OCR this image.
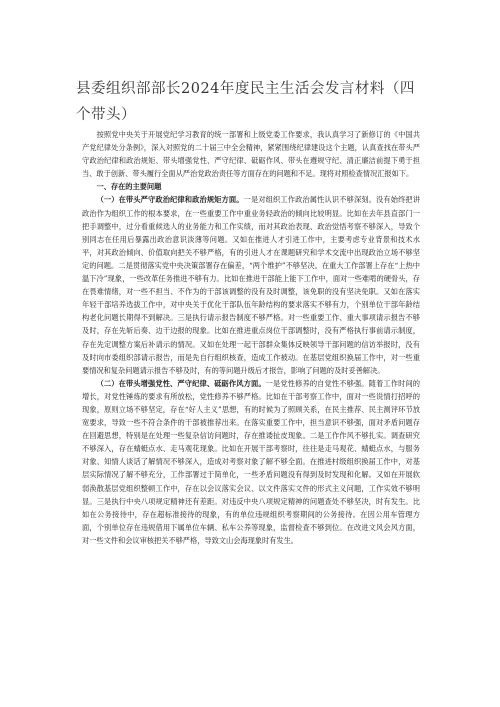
县委组织部部长2024年度民主生活会发言材料（四个带头）

按照党中央关于开展党纪学习教育的统一部署和上级党委工作要求，我认真学习了新修订的《中国共产党纪律处分条例》，深入对照党的二十届三中全会精神，紧紧围绕纪律建设这个主题，认真查找在带头严守政治纪律和政治规矩、带头增强党性、严守纪律、砥砺作风、带头在遵规守纪、清正廉洁前提下勇于担当、敢于创新、带头履行全面从严治党政治责任等方面存在的问题和不足。现将对照检查情况汇报如下。

一、存在的主要问题

（一）在带头严守政治纪律和政治规矩方面。一是对组织工作政治属性认识不够深刻。没有始终把讲政治作为组织工作的根本要求，在一些重要工作中重业务轻政治的倾向比较明显。比如在去年县直部门一把手调整中，过分看重候选人的业务能力和工作实绩，而对其政治表现、政治觉悟考察不够深入，导致个别同志在任用后暴露出政治意识淡薄等问题。又如在推进人才引进工作中，主要考虑专业背景和技术水平，对其政治倾向、价值取向把关不够严格，有的引进人才在课题研究和学术交流中出现政治立场不够坚定的问题。二是贯彻落实党中央决策部署存在偏差，“两个维护”不够坚决。在重大工作部署上存在“上热中温下冷”现象，一些改革任务推进不够有力。比如在推进干部能上能下工作中，面对一些难啃的硬骨头，存在畏难情绪，对一些不担当、不作为的干部该调整的没有及时调整，该免职的没有坚决免职。又如在落实年轻干部培养选拔工作中，对中央关于优化干部队伍年龄结构的要求落实不够有力，个别单位干部年龄结构老化问题长期得不到解决。三是执行请示报告制度不够严格。对一些重要工作、重大事项请示报告不够及时，存在先斩后奏、边干边报的现象。比如在推进重点岗位干部调整时，没有严格执行事前请示制度，存在先定调整方案后补请示的情况。又如在处理一起干部群众集体反映领导干部问题的信访举报时，没有及时向市委组织部请示报告，而是先自行组织核查，造成工作被动。在基层党组织换届工作中，对一些重要情况和复杂问题请示报告不够及时，有的等问题升级后才报告，影响了问题的及时妥善解决。

（二）在带头增强党性、严守纪律、砥砺作风方面。一是党性修养的自觉性不够强。随着工作时间的增长，对党性锤炼的要求有所放松，党性修养不够严格。比如在干部考察工作中，面对一些说情打招呼的现象，原则立场不够坚定，存在“好人主义”思想，有的时候为了照顾关系，在民主推荐、民主测评环节放宽要求，导致一些不符合条件的干部被推荐出来。在落实重要工作中，担当意识不够强，面对矛盾问题存在回避思想，特别是在处理一些复杂信访问题时，存在推诿扯皮现象。二是工作作风不够扎实。调查研究不够深入，存在蜻蜓点水、走马观花现象。比如在开展干部考察时，往往是走马观花、蜻蜓点水，与服务对象、知情人谈话了解情况不够深入，造成对考察对象了解不够全面。在推进村级组织换届工作中，对基层实际情况了解不够充分，工作部署过于简单化，一些矛盾问题没有得到及时发现和化解。又如在开展软弱涣散基层党组织整顿工作中，存在以会议落实会议、以文件落实文件的形式主义问题，工作实效不够明显。三是执行中央八项规定精神还有差距。对违反中央八项规定精神的问题查处不够坚决，时有发生。比如在公务接待中，存在超标准接待的现象，有的单位违规组织考察期间的公务接待。在因公用车管理方面，个别单位存在违规借用下属单位车辆、私车公养等现象，监督检查不够到位。在改进文风会风方面，对一些文件和会议审核把关不够严格，导致文山会海现象时有发生。
